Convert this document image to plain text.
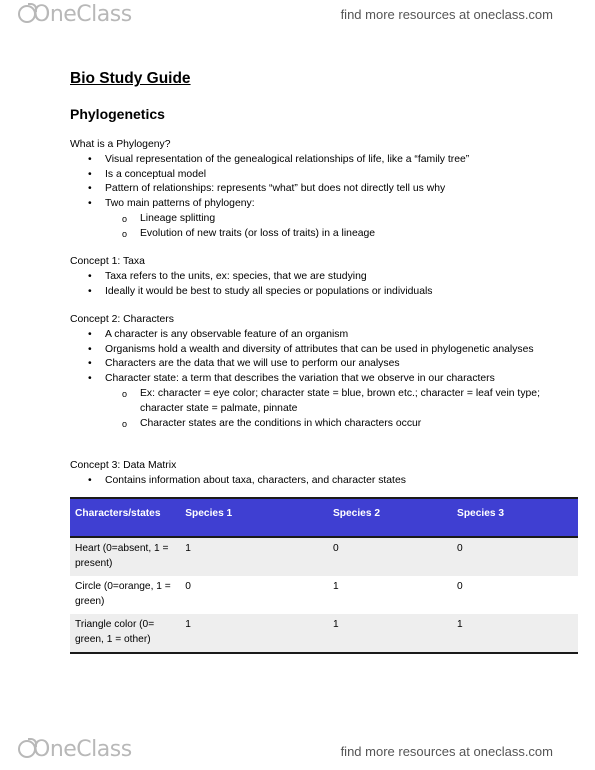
OneClass	find more resources at oneclass.com
Bio Study Guide
Phylogenetics

What is a Phylogeny?

• Visual representation of the genealogical relationships of life, like a “family tree”
• Is a conceptual model
• Pattern of relationships: represents “what” but does not directly tell us why
• Two main patterns of phylogeny:
o Lineage splitting
o Evolution of new traits (or loss of traits) in a lineage

Concept 1: Taxa

• Taxa refers to the units, ex: species, that we are studying
• Ideally it would be best to study all species or populations or individuals

Concept 2: Characters

• A character is any observable feature of an organism
• Organisms hold a wealth and diversity of attributes that can be used in phylogenetic analyses
• Characters are the data that we will use to perform our analyses
• Character state: a term that describes the variation that we observe in our characters
o Ex: character = eye color; character state = blue, brown etc.; character = leaf vein type; character state = palmate, pinnate
o Character states are the conditions in which characters occur

Concept 3: Data Matrix

• Contains information about taxa, characters, and character states
Characters/states	Species 1	Species 2	Species 3
Heart (0=absent, 1 = present)	1	0	0
Circle (0=orange, 1 = green)	0	1	0
Triangle color (0= green, 1 = other)	1	1	1
OneClass	find more resources at oneclass.com
